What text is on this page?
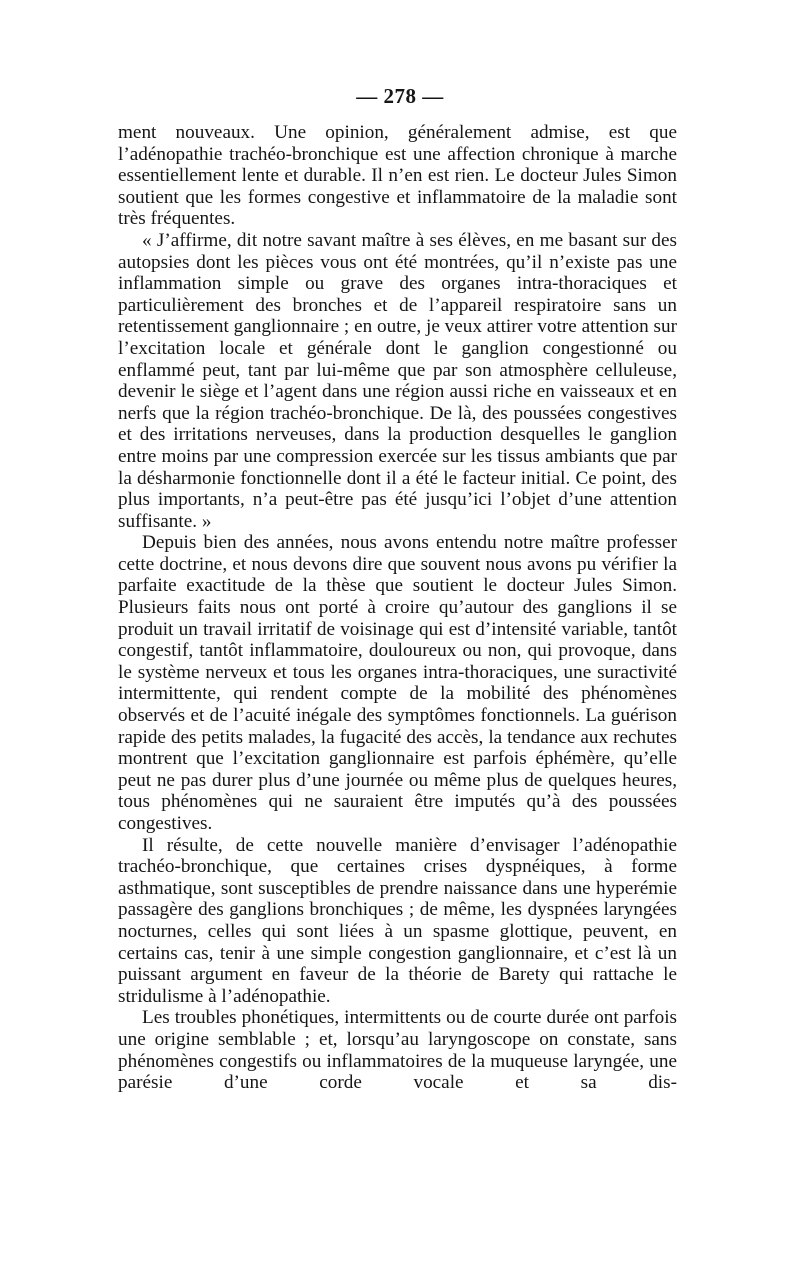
— 278 —

ment nouveaux. Une opinion, généralement admise, est que l’adénopathie trachéo-bronchique est une affection chronique à marche essentiellement lente et durable. Il n’en est rien. Le docteur Jules Simon soutient que les formes congestive et inflammatoire de la maladie sont très fréquentes.

« J’affirme, dit notre savant maître à ses élèves, en me basant sur des autopsies dont les pièces vous ont été montrées, qu’il n’existe pas une inflammation simple ou grave des organes intra-thoraciques et particulièrement des bronches et de l’appareil respiratoire sans un retentissement ganglionnaire ; en outre, je veux attirer votre attention sur l’excitation locale et générale dont le ganglion congestionné ou enflammé peut, tant par lui-même que par son atmosphère celluleuse, devenir le siège et l’agent dans une région aussi riche en vaisseaux et en nerfs que la région trachéo-bronchique. De là, des poussées congestives et des irritations nerveuses, dans la production desquelles le ganglion entre moins par une compression exercée sur les tissus ambiants que par la désharmonie fonctionnelle dont il a été le facteur initial. Ce point, des plus importants, n’a peut-être pas été jusqu’ici l’objet d’une attention suffisante. »

Depuis bien des années, nous avons entendu notre maître professer cette doctrine, et nous devons dire que souvent nous avons pu vérifier la parfaite exactitude de la thèse que soutient le docteur Jules Simon. Plusieurs faits nous ont porté à croire qu’autour des ganglions il se produit un travail irritatif de voisinage qui est d’intensité variable, tantôt congestif, tantôt inflammatoire, douloureux ou non, qui provoque, dans le système nerveux et tous les organes intra-thoraciques, une suractivité intermittente, qui rendent compte de la mobilité des phénomènes observés et de l’acuité inégale des symptômes fonctionnels. La guérison rapide des petits malades, la fugacité des accès, la tendance aux rechutes montrent que l’excitation ganglionnaire est parfois éphémère, qu’elle peut ne pas durer plus d’une journée ou même plus de quelques heures, tous phénomènes qui ne sauraient être imputés qu’à des poussées congestives.

Il résulte, de cette nouvelle manière d’envisager l’adénopathie trachéo-bronchique, que certaines crises dyspnéiques, à forme asthmatique, sont susceptibles de prendre naissance dans une hyperémie passagère des ganglions bronchiques ; de même, les dyspnées laryngées nocturnes, celles qui sont liées à un spasme glottique, peuvent, en certains cas, tenir à une simple congestion ganglionnaire, et c’est là un puissant argument en faveur de la théorie de Barety qui rattache le stridulisme à l’adénopathie.

Les troubles phonétiques, intermittents ou de courte durée ont parfois une origine semblable ; et, lorsqu’au laryngoscope on constate, sans phénomènes congestifs ou inflammatoires de la muqueuse laryngée, une parésie d’une corde vocale et sa dis-
